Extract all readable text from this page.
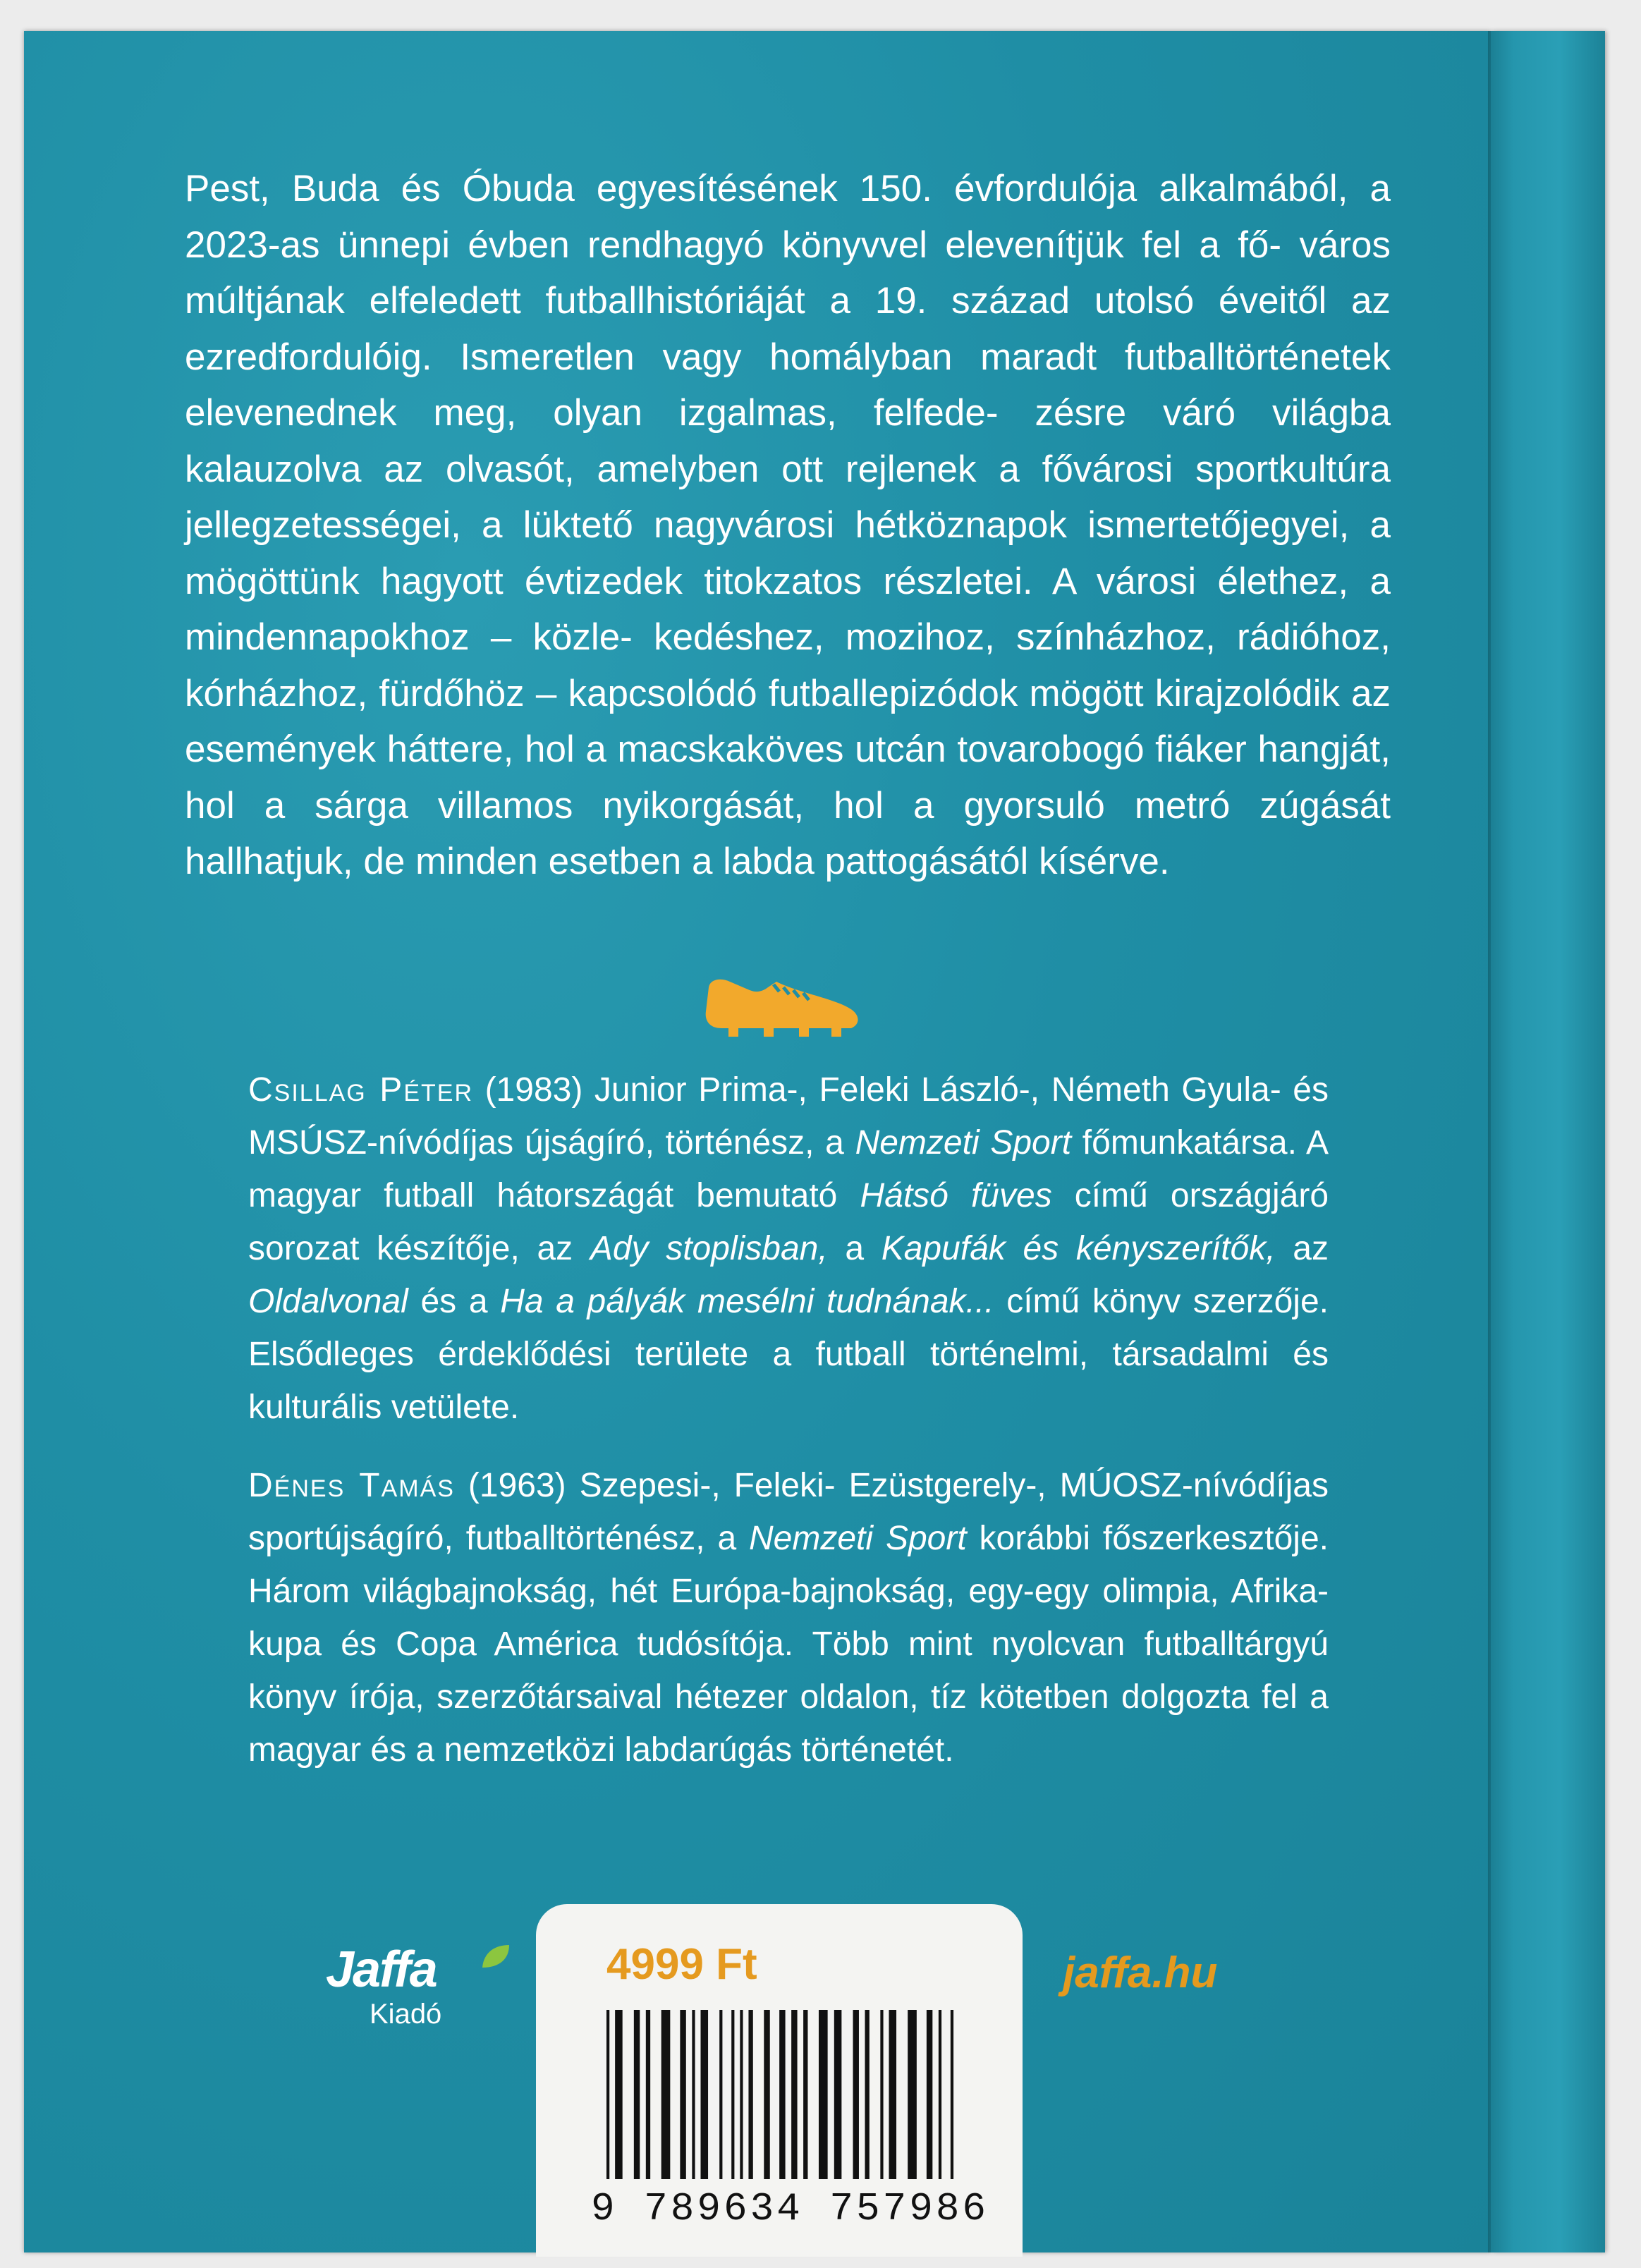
Pest, Buda és Óbuda egyesítésének 150. évfordulója alkalmából, a 2023-as ünnepi évben rendhagyó könyvvel elevenítjük fel a fő- város múltjának elfeledett futballhistóriáját a 19. század utolsó éveitől az ezredfordulóig. Ismeretlen vagy homályban maradt futballtörténetek elevenednek meg, olyan izgalmas, felfede- zésre váró világba kalauzolva az olvasót, amelyben ott rejlenek a fővárosi sportkultúra jellegzetességei, a lüktető nagyvárosi hétköznapok ismertetőjegyei, a mögöttünk hagyott évtizedek titokzatos részletei. A városi élethez, a mindennapokhoz – közle- kedéshez, mozihoz, színházhoz, rádióhoz, kórházhoz, fürdőhöz – kapcsolódó futballepizódok mögött kirajzolódik az események háttere, hol a macskaköves utcán tovarobogó fiáker hangját, hol a sárga villamos nyikorgását, hol a gyorsuló metró zúgását hallhatjuk, de minden esetben a labda pattogásától kísérve.

Csillag Péter (1983) Junior Prima-, Feleki László-, Németh Gyula- és MSÚSZ-nívódíjas újságíró, történész, a Nemzeti Sport főmunkatársa. A magyar futball hátországát bemutató Hátsó füves című országjáró sorozat készítője, az Ady stoplisban, a Kapufák és kényszerítők, az Oldalvonal és a Ha a pályák mesélni tudnának... című könyv szerzője. Elsődleges érdeklődési területe a futball történelmi, társadalmi és kulturális vetülete.

Dénes Tamás (1963) Szepesi-, Feleki- Ezüstgerely-, MÚOSZ-nívódíjas sportújságíró, futballtörténész, a Nemzeti Sport korábbi főszerkesztője. Három világbajnokság, hét Európa-bajnokság, egy-egy olimpia, Afrika-kupa és Copa América tudósítója. Több mint nyolcvan futballtárgyú könyv írója, szerzőtársaival hétezer oldalon, tíz kötetben dolgozta fel a magyar és a nemzetközi labdarúgás történetét.

Jaffa
Kiadó
4999 Ft
9 789634 757986
jaffa.hu
